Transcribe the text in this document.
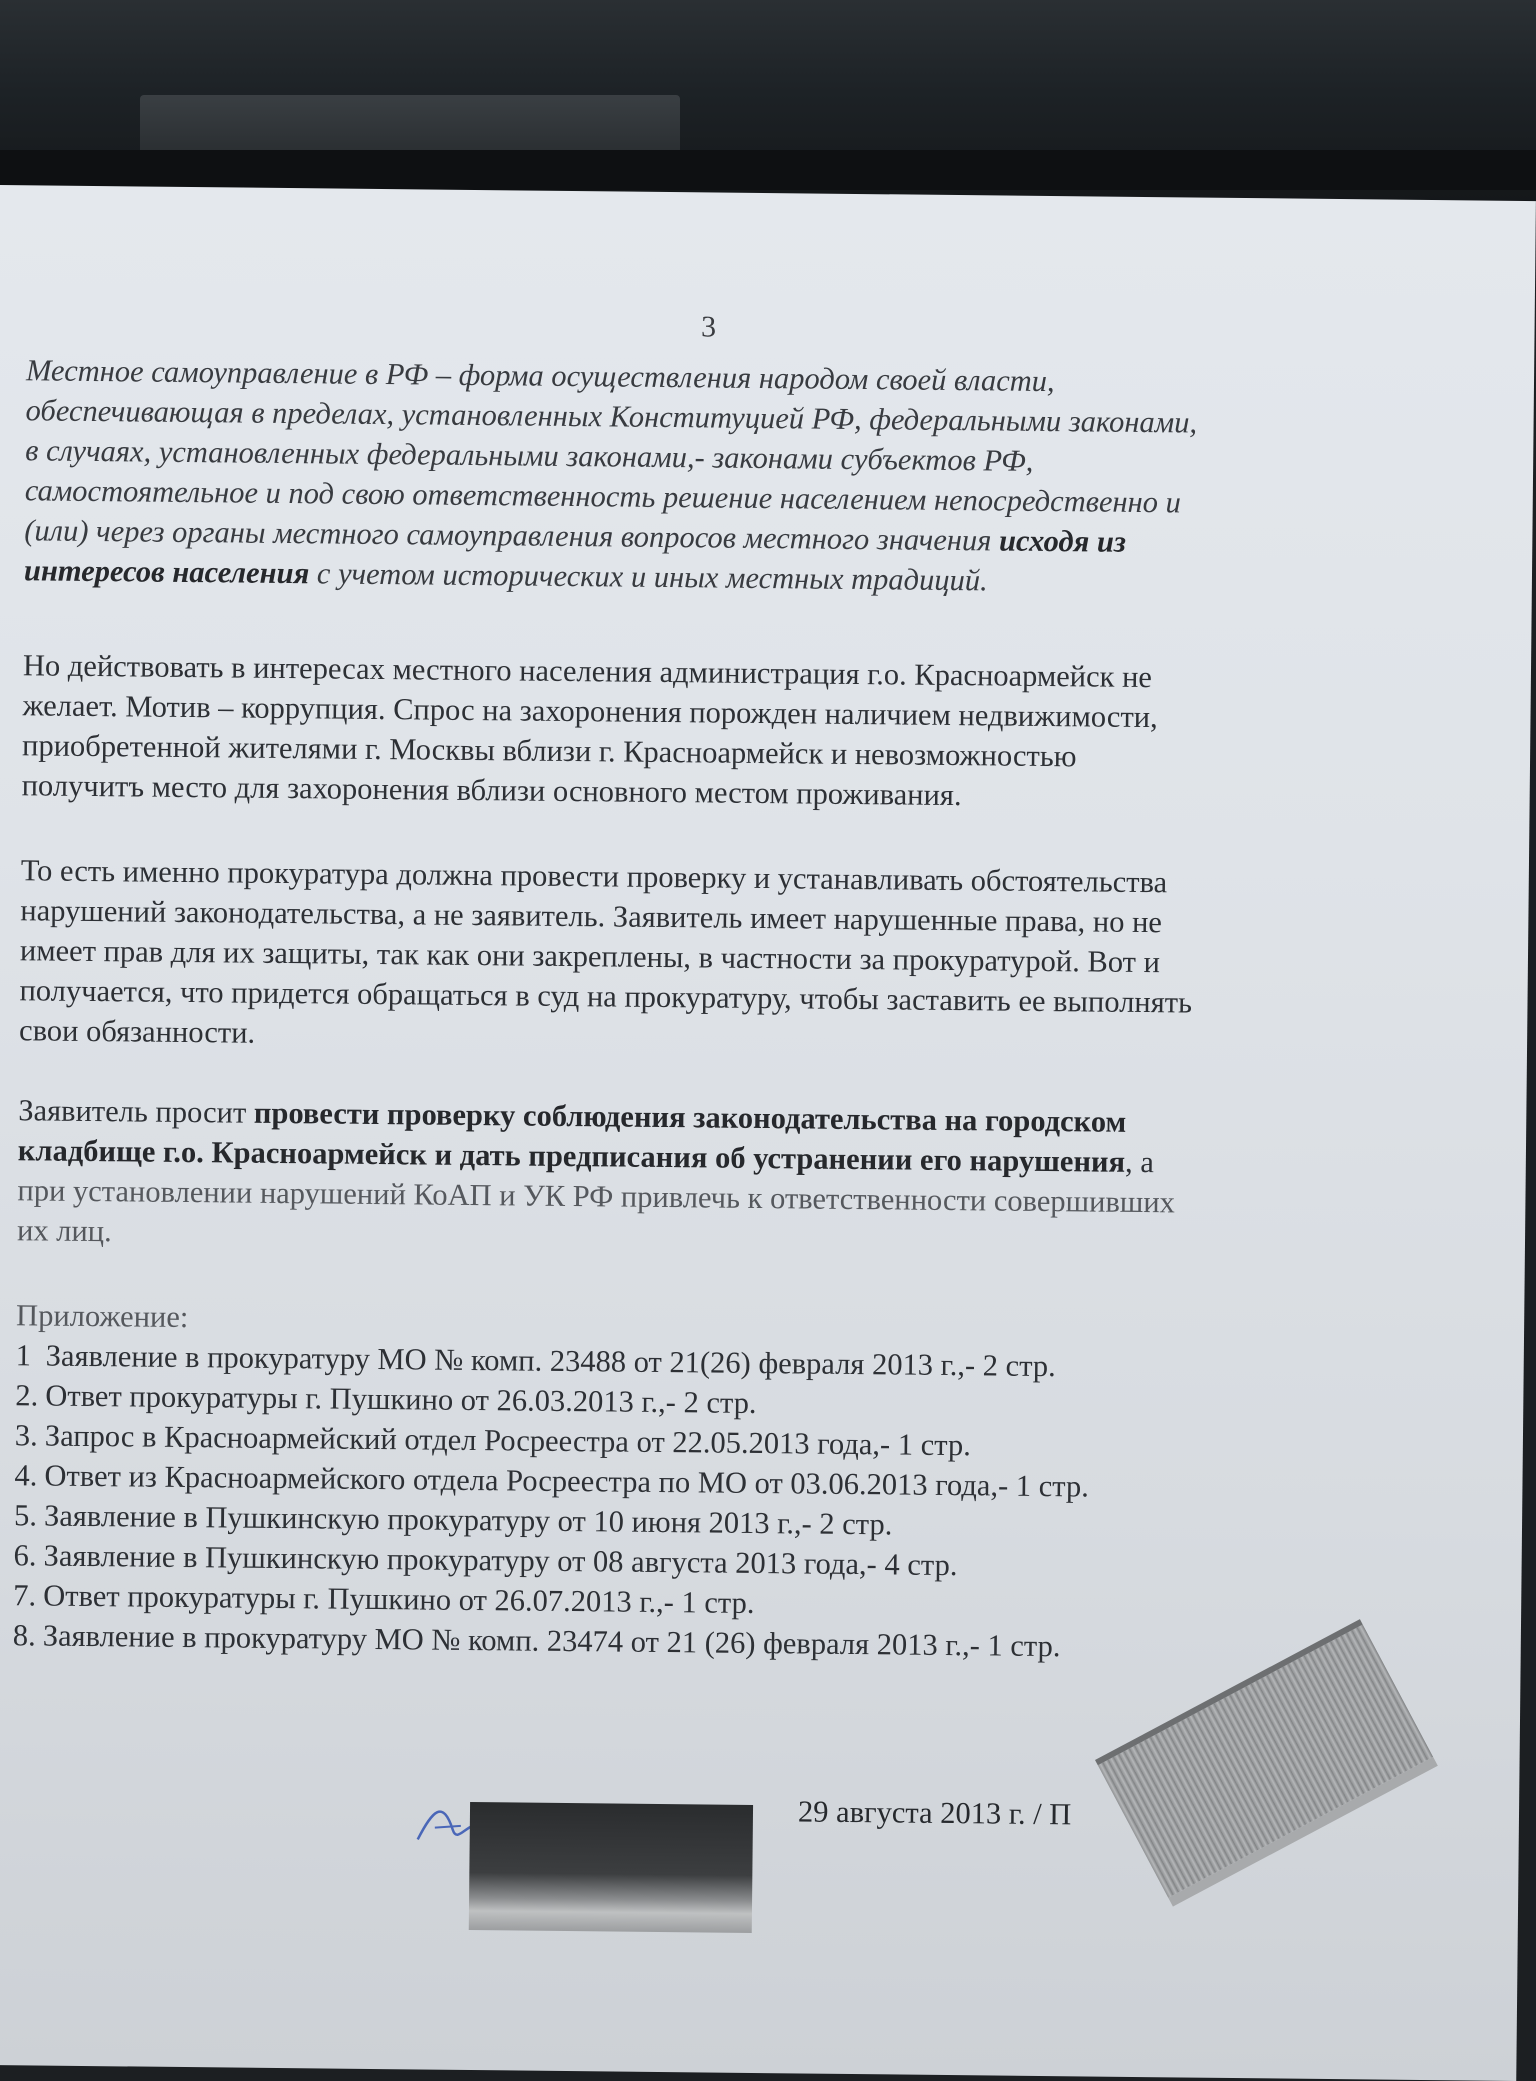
3

Местное самоуправление в РФ – форма осуществления народом своей власти,

обеспечивающая в пределах, установленных Конституцией РФ, федеральными законами,

в случаях, установленных федеральными законами,- законами субъектов РФ,

самостоятельное и под свою ответственность решение населением непосредственно и

(или) через органы местного самоуправления вопросов местного значения исходя из

интересов населения с учетом исторических и иных местных традиций.

Но действовать в интересах местного населения администрация г.о. Красноармейск не

желает. Мотив – коррупция. Спрос на захоронения порожден наличием недвижимости,

приобретенной жителями г. Москвы вблизи г. Красноармейск и невозможностью

получитъ место для захоронения вблизи основного местом проживания.

То есть именно прокуратура должна провести проверку и устанавливать обстоятельства

нарушений законодательства, а не заявитель. Заявитель имеет нарушенные права, но не

имеет прав для их защиты, так как они закреплены, в частности за прокуратурой. Вот и

получается, что придется обращаться в суд на прокуратуру, чтобы заставить ее выполнять

свои обязанности.

Заявитель просит провести проверку соблюдения законодательства на городском

кладбище г.о. Красноармейск и дать предписания об устранении его нарушения, а

при установлении нарушений КоАП и УК РФ привлечь к ответственности совершивших

их лиц.

Приложение:

1 Заявление в прокуратуру МО № комп. 23488 от 21(26) февраля 2013 г.,- 2 стр.

2. Ответ прокуратуры г. Пушкино от 26.03.2013 г.,- 2 стр.

3. Запрос в Красноармейский отдел Росреестра от 22.05.2013 года,- 1 стр.

4. Ответ из Красноармейского отдела Росреестра по МО от 03.06.2013 года,- 1 стр.

5. Заявление в Пушкинскую прокуратуру от 10 июня 2013 г.,- 2 стр.

6. Заявление в Пушкинскую прокуратуру от 08 августа 2013 года,- 4 стр.

7. Ответ прокуратуры г. Пушкино от 26.07.2013 г.,- 1 стр.

8. Заявление в прокуратуру МО № комп. 23474 от 21 (26) февраля 2013 г.,- 1 стр.

29 августа 2013 г. / П
